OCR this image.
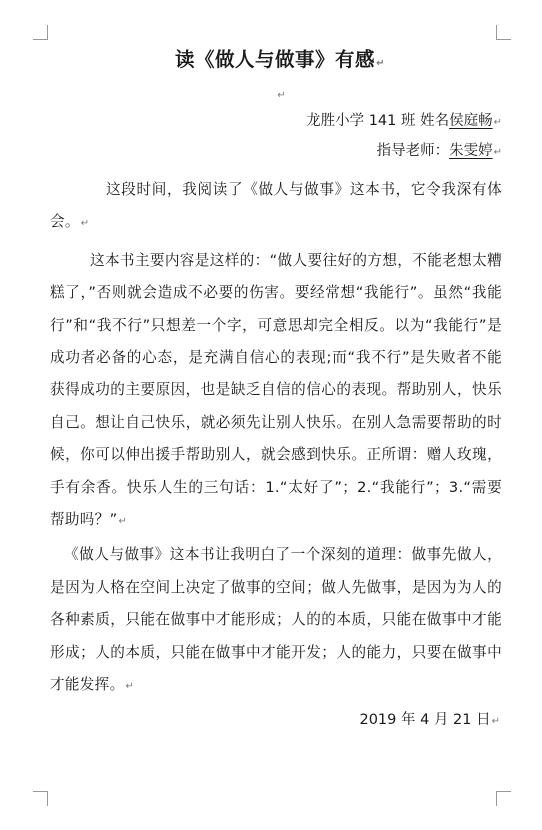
读《做人与做事》有感↵
↵
龙胜小学 141 班 姓名侯庭畅↵
指导老师：朱雯婷↵

这段时间，我阅读了《做人与做事》这本书，它令我深有体会。↵

这本书主要内容是这样的：“做人要往好的方想，不能老想太糟糕了，”否则就会造成不必要的伤害。要经常想“我能行”。虽然“我能行”和“我不行”只想差一个字，可意思却完全相反。以为“我能行”是成功者必备的心态，是充满自信心的表现;而“我不行”是失败者不能获得成功的主要原因，也是缺乏自信的信心的表现。帮助别人，快乐自己。想让自己快乐，就必须先让别人快乐。在别人急需要帮助的时候，你可以伸出援手帮助别人，就会感到快乐。正所谓：赠人玫瑰，手有余香。快乐人生的三句话：1.“太好了”；2.“我能行”；3.“需要帮助吗？”↵

《做人与做事》这本书让我明白了一个深刻的道理：做事先做人，是因为人格在空间上决定了做事的空间；做人先做事，是因为为人的各种素质，只能在做事中才能形成；人的的本质，只能在做事中才能形成；人的本质，只能在做事中才能开发；人的能力，只要在做事中才能发挥。↵

2019 年 4 月 21 日↵
